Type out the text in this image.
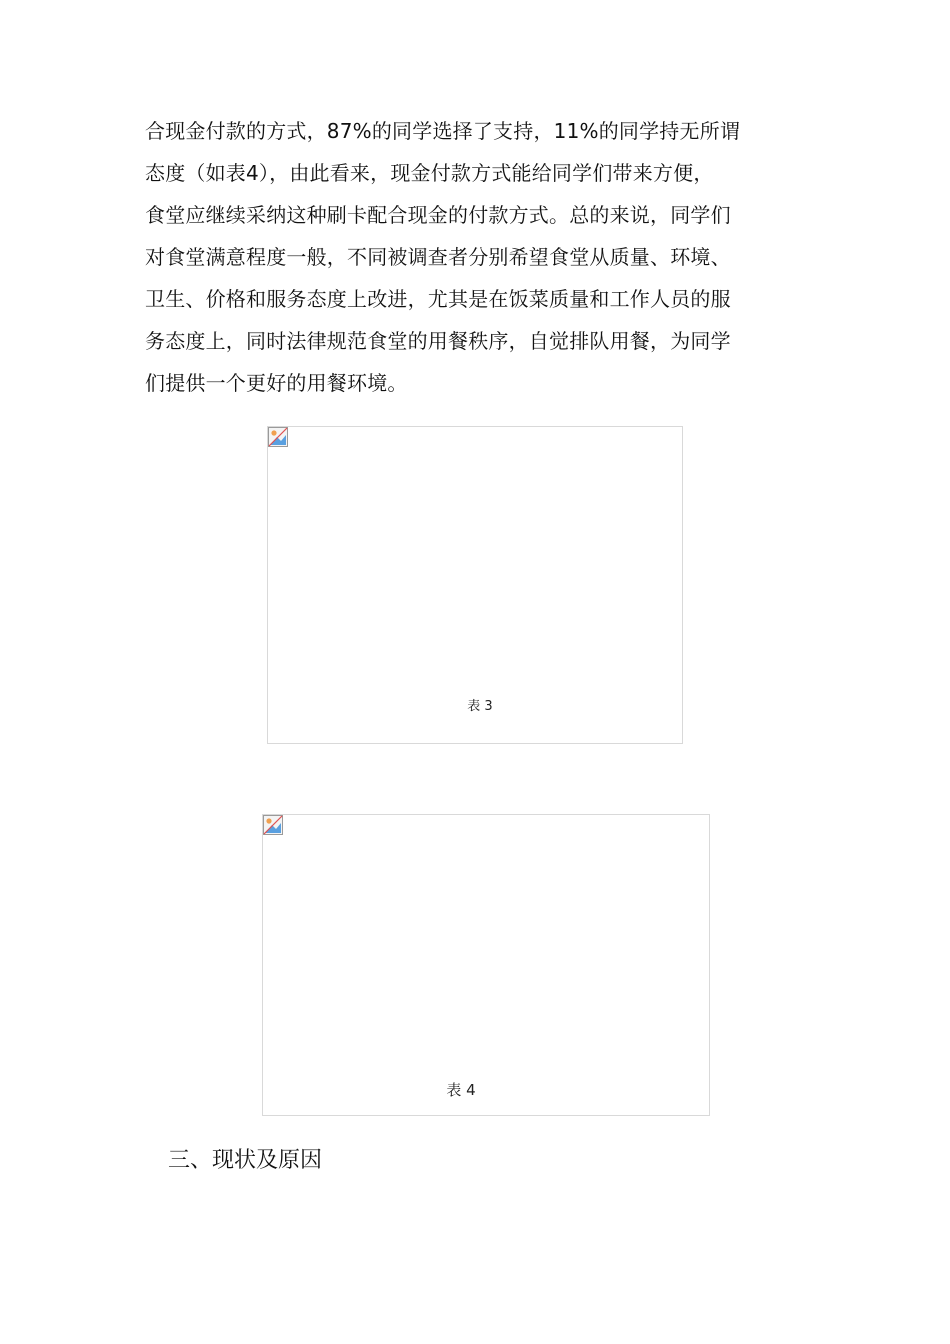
合现金付款的方式，87%的同学选择了支持，11%的同学持无所谓
态度（如表4），由此看来，现金付款方式能给同学们带来方便，
食堂应继续采纳这种刷卡配合现金的付款方式。总的来说，同学们
对食堂满意程度一般，不同被调查者分别希望食堂从质量、环境、
卫生、价格和服务态度上改进，尤其是在饭菜质量和工作人员的服
务态度上，同时法律规范食堂的用餐秩序，自觉排队用餐，为同学
们提供一个更好的用餐环境。
表 3
表 4
三、现状及原因
